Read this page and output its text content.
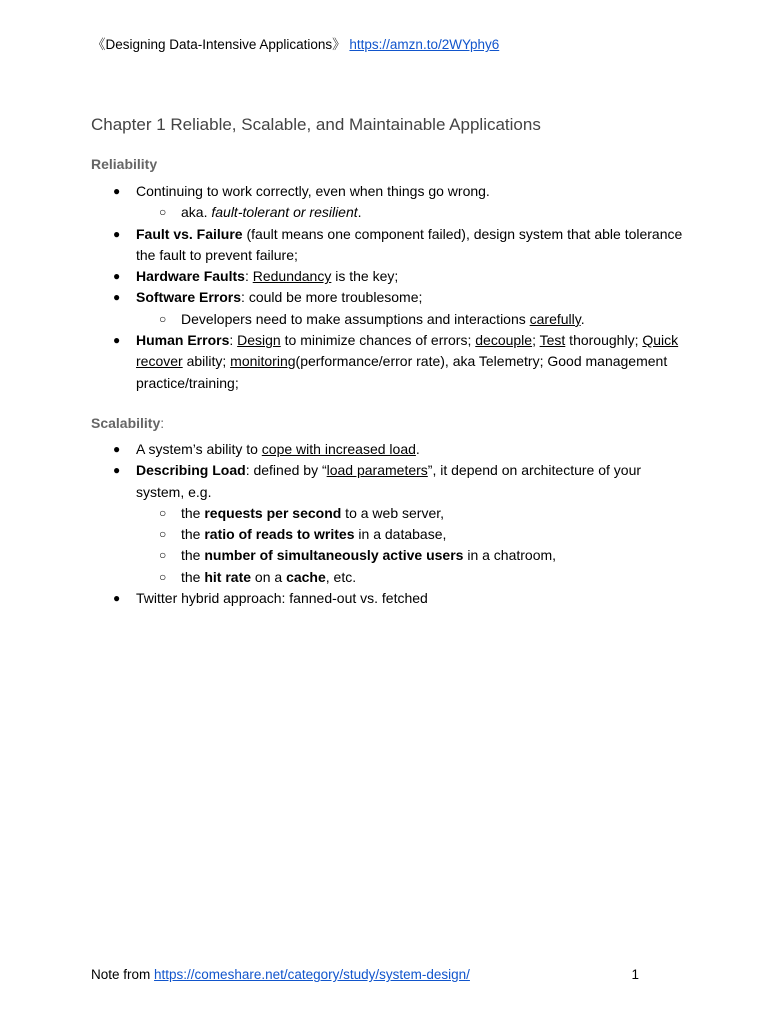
《Designing Data-Intensive Applications》 https://amzn.to/2WYphy6
Chapter 1 Reliable, Scalable, and Maintainable Applications
Reliability
● Continuing to work correctly, even when things go wrong.
○ aka. fault-tolerant or resilient.
● Fault vs. Failure (fault means one component failed), design system that able tolerance the fault to prevent failure;
● Hardware Faults: Redundancy is the key;
● Software Errors: could be more troublesome;
○ Developers need to make assumptions and interactions carefully.
● Human Errors: Design to minimize chances of errors; decouple; Test thoroughly; Quick recover ability; monitoring(performance/error rate), aka Telemetry; Good management practice/training;
Scalability:
● A system’s ability to cope with increased load.
● Describing Load: defined by “load parameters”, it depend on architecture of your system, e.g.
○ the requests per second to a web server,
○ the ratio of reads to writes in a database,
○ the number of simultaneously active users in a chatroom,
○ the hit rate on a cache, etc.
● Twitter hybrid approach: fanned-out vs. fetched
Note from https://comeshare.net/category/study/system-design/	1
